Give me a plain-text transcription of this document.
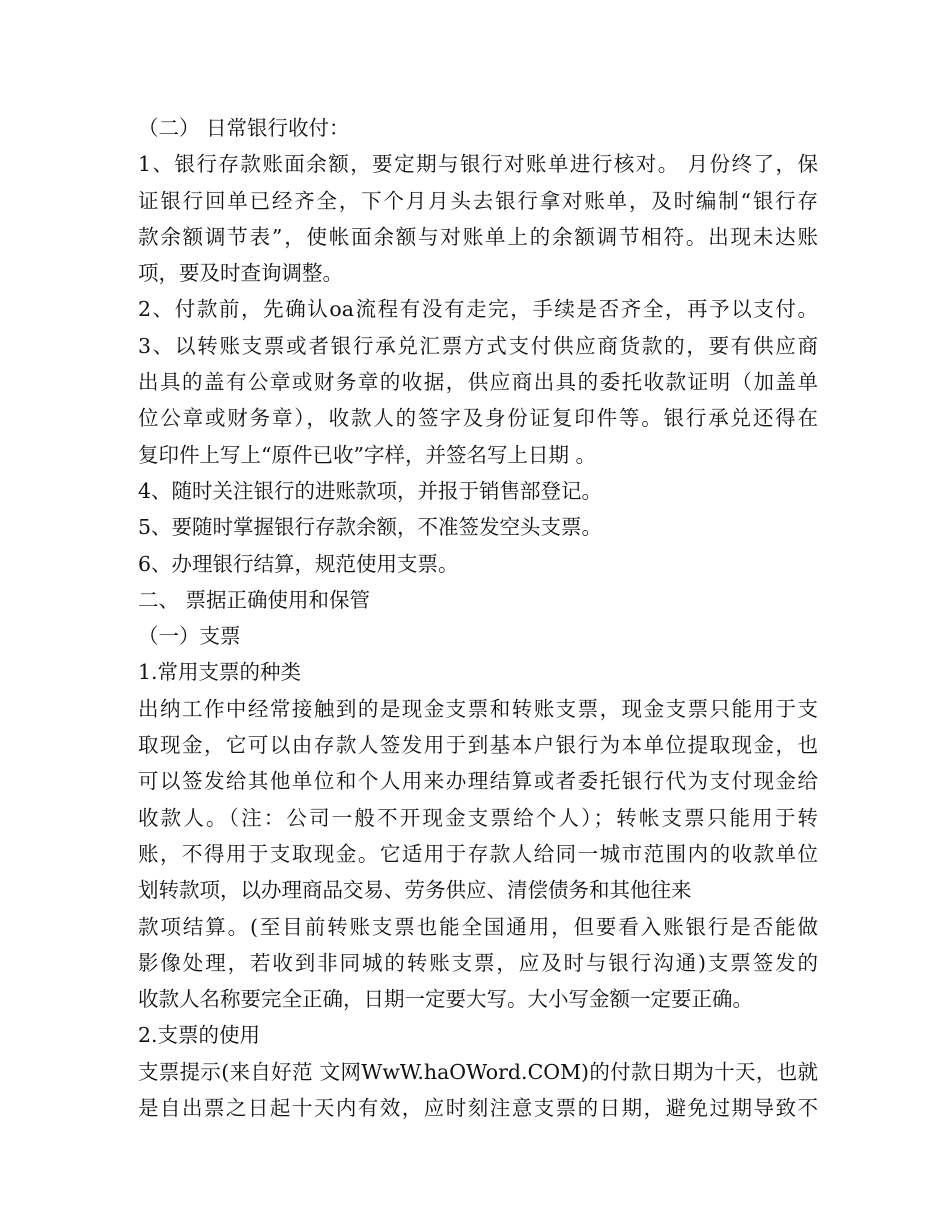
（二） 日常银行收付：
1、银行存款账面余额，要定期与银行对账单进行核对。 月份终了，保
证银行回单已经齐全，下个月月头去银行拿对账单，及时编制“银行存
款余额调节表”，使帐面余额与对账单上的余额调节相符。出现未达账
项，要及时查询调整。
2、付款前，先确认oa流程有没有走完，手续是否齐全，再予以支付。
3、以转账支票或者银行承兑汇票方式支付供应商货款的，要有供应商
出具的盖有公章或财务章的收据，供应商出具的委托收款证明（加盖单
位公章或财务章），收款人的签字及身份证复印件等。银行承兑还得在
复印件上写上“原件已收”字样，并签名写上日期 。
4、随时关注银行的进账款项，并报于销售部登记。
5、要随时掌握银行存款余额，不准签发空头支票。
6、办理银行结算，规范使用支票。
二、 票据正确使用和保管
（一）支票
1.常用支票的种类
出纳工作中经常接触到的是现金支票和转账支票，现金支票只能用于支
取现金，它可以由存款人签发用于到基本户银行为本单位提取现金，也
可以签发给其他单位和个人用来办理结算或者委托银行代为支付现金给
收款人。（注：公司一般不开现金支票给个人）；转帐支票只能用于转
账，不得用于支取现金。它适用于存款人给同一城市范围内的收款单位
划转款项，以办理商品交易、劳务供应、清偿债务和其他往来
款项结算。(至目前转账支票也能全国通用，但要看入账银行是否能做
影像处理，若收到非同城的转账支票，应及时与银行沟通)支票签发的
收款人名称要完全正确，日期一定要大写。大小写金额一定要正确。
2.支票的使用
支票提示(来自好范 文网WwW.haOWord.COM)的付款日期为十天，也就
是自出票之日起十天内有效，应时刻注意支票的日期，避免过期导致不
